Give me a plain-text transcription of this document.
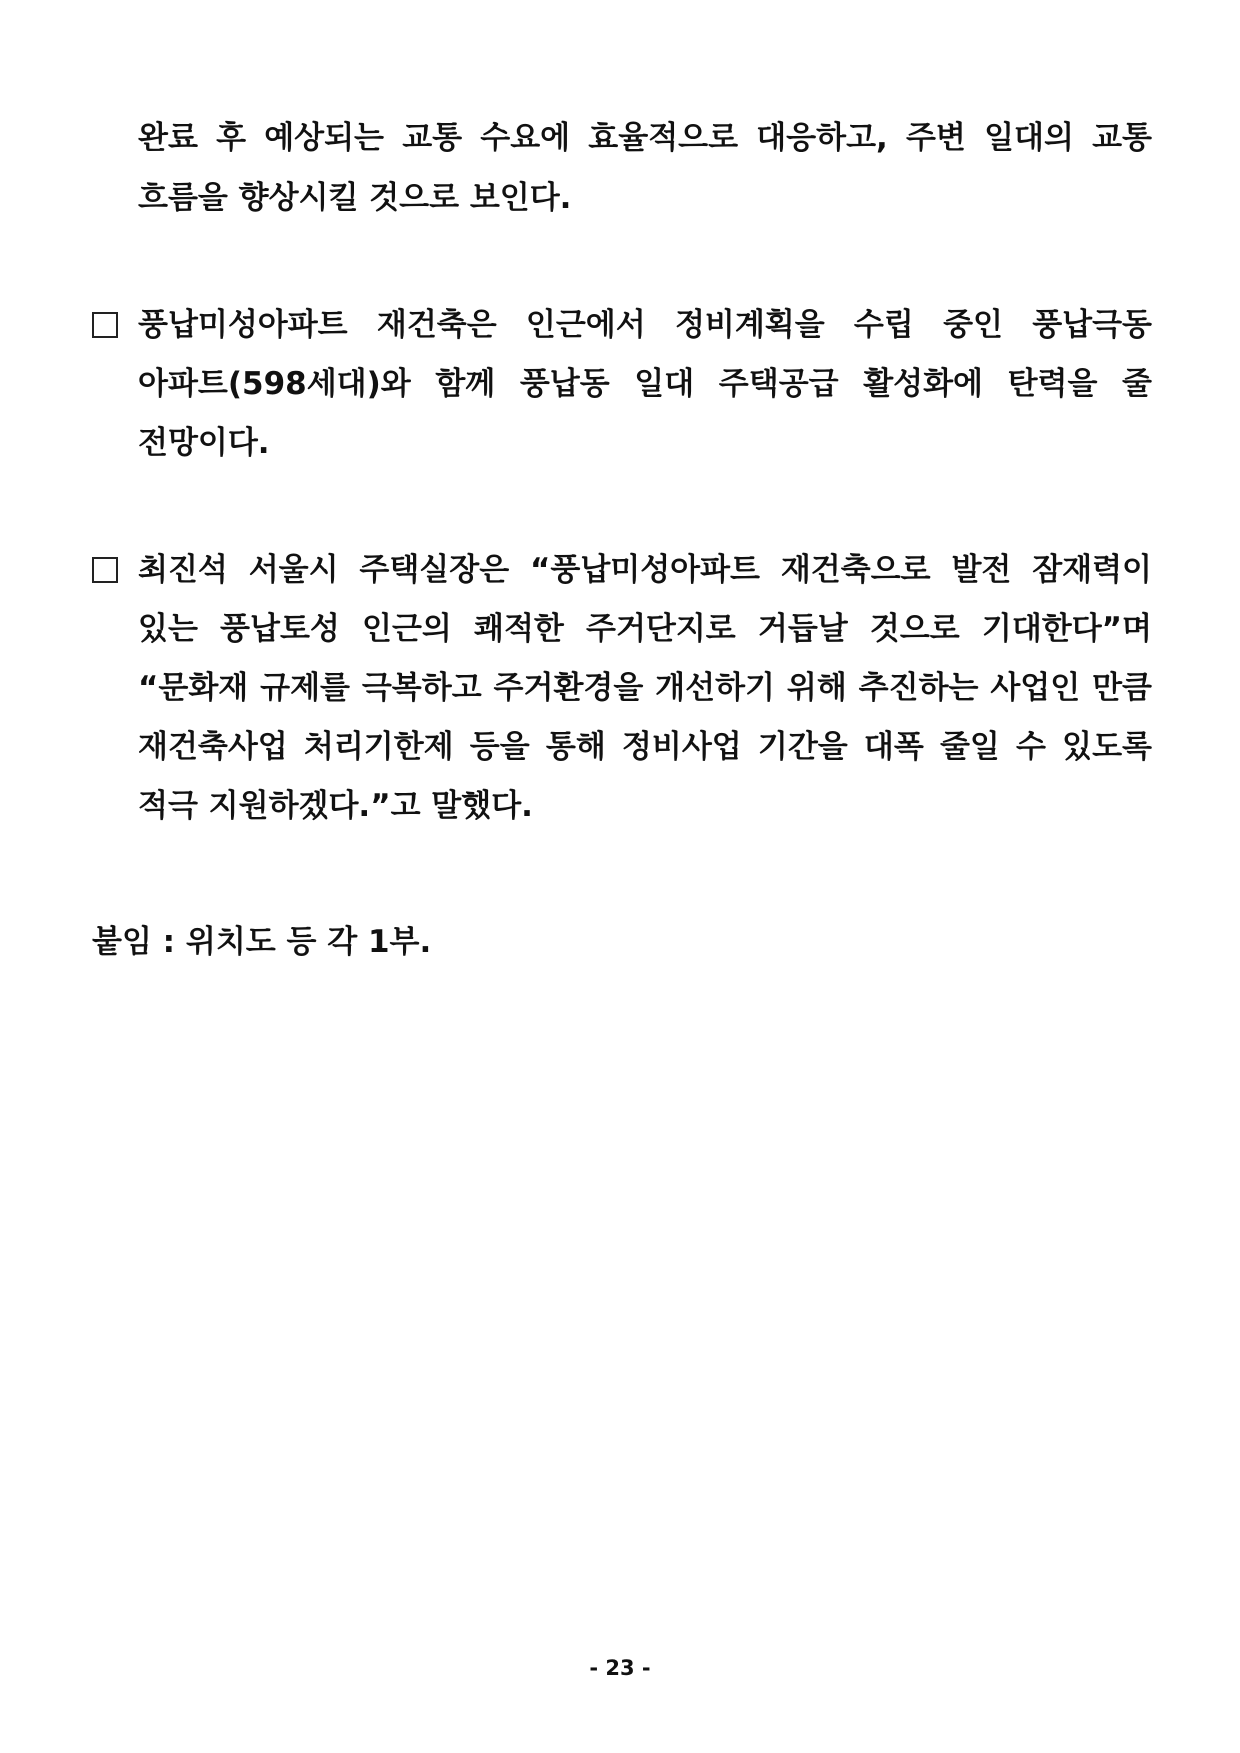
완료 후 예상되는 교통 수요에 효율적으로 대응하고, 주변 일대의 교통
흐름을 향상시킬 것으로 보인다.
풍납미성아파트 재건축은 인근에서 정비계획을 수립 중인 풍납극동
아파트(598세대)와 함께 풍납동 일대 주택공급 활성화에 탄력을 줄
전망이다.
최진석 서울시 주택실장은 “풍납미성아파트 재건축으로 발전 잠재력이
있는 풍납토성 인근의 쾌적한 주거단지로 거듭날 것으로 기대한다”며
“문화재 규제를 극복하고 주거환경을 개선하기 위해 추진하는 사업인 만큼
재건축사업 처리기한제 등을 통해 정비사업 기간을 대폭 줄일 수 있도록
적극 지원하겠다.”고 말했다.
붙임 : 위치도 등 각 1부.
- 23 -
